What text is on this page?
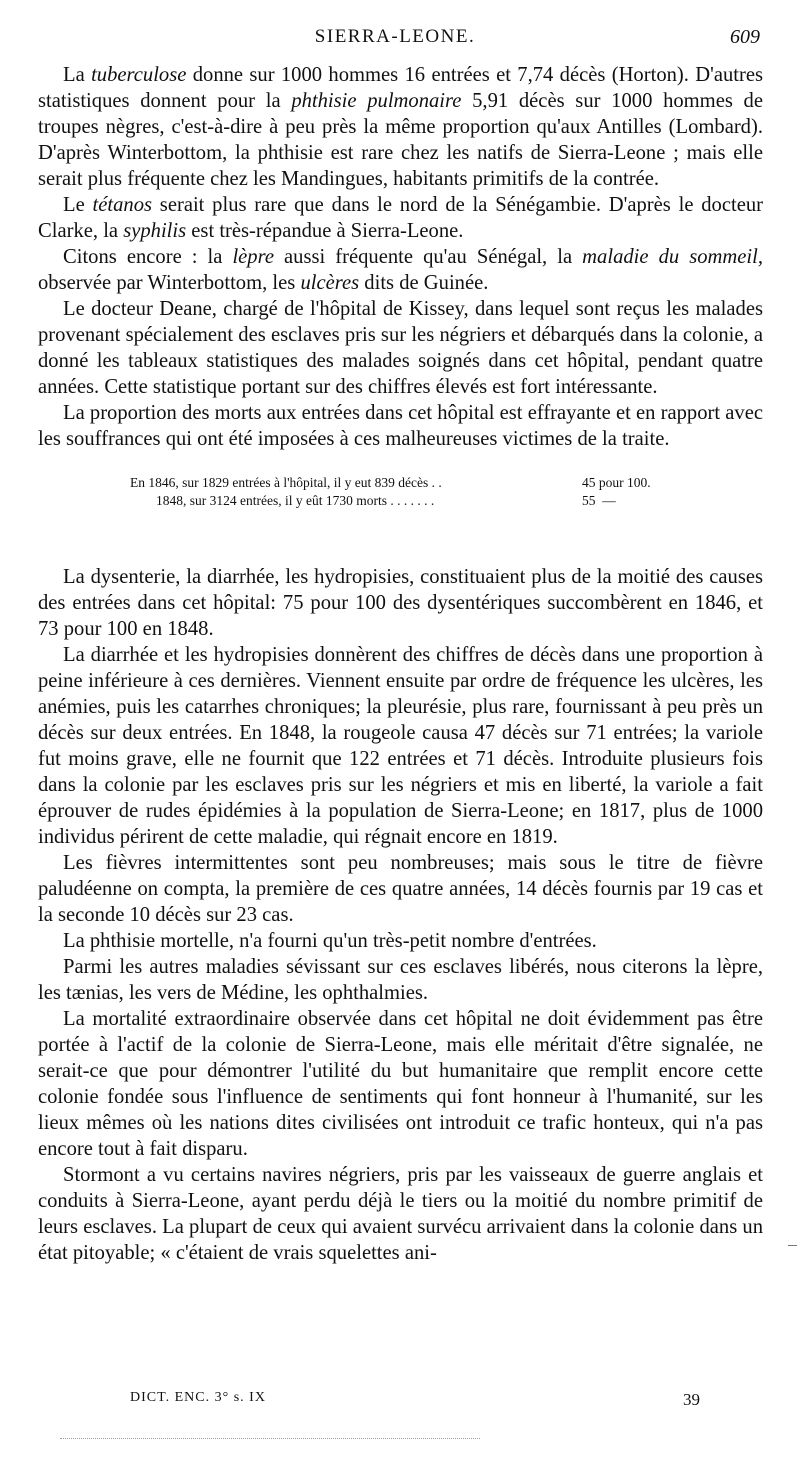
SIERRA-LEONE.	609

La tuberculose donne sur 1000 hommes 16 entrées et 7,74 décès (Horton). D'autres statistiques donnent pour la phthisie pulmonaire 5,91 décès sur 1000 hommes de troupes nègres, c'est-à-dire à peu près la même proportion qu'aux Antilles (Lombard). D'après Winterbottom, la phthisie est rare chez les natifs de Sierra-Leone ; mais elle serait plus fréquente chez les Mandingues, habitants primitifs de la contrée.

Le tétanos serait plus rare que dans le nord de la Sénégambie. D'après le docteur Clarke, la syphilis est très-répandue à Sierra-Leone.

Citons encore : la lèpre aussi fréquente qu'au Sénégal, la maladie du sommeil, observée par Winterbottom, les ulcères dits de Guinée.

Le docteur Deane, chargé de l'hôpital de Kissey, dans lequel sont reçus les malades provenant spécialement des esclaves pris sur les négriers et débarqués dans la colonie, a donné les tableaux statistiques des malades soignés dans cet hôpital, pendant quatre années. Cette statistique portant sur des chiffres élevés est fort intéressante.

La proportion des morts aux entrées dans cet hôpital est effrayante et en rapport avec les souffrances qui ont été imposées à ces malheureuses victimes de la traite.

En 1846, sur 1829 entrées à l'hôpital, il y eut 839 décès . .	45 pour 100.
1848, sur 3124 entrées, il y eût 1730 morts . . . . . . .	55  —

La dysenterie, la diarrhée, les hydropisies, constituaient plus de la moitié des causes des entrées dans cet hôpital: 75 pour 100 des dysentériques succombèrent en 1846, et 73 pour 100 en 1848.

La diarrhée et les hydropisies donnèrent des chiffres de décès dans une proportion à peine inférieure à ces dernières. Viennent ensuite par ordre de fréquence les ulcères, les anémies, puis les catarrhes chroniques; la pleurésie, plus rare, fournissant à peu près un décès sur deux entrées. En 1848, la rougeole causa 47 décès sur 71 entrées; la variole fut moins grave, elle ne fournit que 122 entrées et 71 décès. Introduite plusieurs fois dans la colonie par les esclaves pris sur les négriers et mis en liberté, la variole a fait éprouver de rudes épidémies à la population de Sierra-Leone; en 1817, plus de 1000 individus périrent de cette maladie, qui régnait encore en 1819.

Les fièvres intermittentes sont peu nombreuses; mais sous le titre de fièvre paludéenne on compta, la première de ces quatre années, 14 décès fournis par 19 cas et la seconde 10 décès sur 23 cas.

La phthisie mortelle, n'a fourni qu'un très-petit nombre d'entrées.

Parmi les autres maladies sévissant sur ces esclaves libérés, nous citerons la lèpre, les tænias, les vers de Médine, les ophthalmies.

La mortalité extraordinaire observée dans cet hôpital ne doit évidemment pas être portée à l'actif de la colonie de Sierra-Leone, mais elle méritait d'être signalée, ne serait-ce que pour démontrer l'utilité du but humanitaire que remplit encore cette colonie fondée sous l'influence de sentiments qui font honneur à l'humanité, sur les lieux mêmes où les nations dites civilisées ont introduit ce trafic honteux, qui n'a pas encore tout à fait disparu.

Stormont a vu certains navires négriers, pris par les vaisseaux de guerre anglais et conduits à Sierra-Leone, ayant perdu déjà le tiers ou la moitié du nombre primitif de leurs esclaves. La plupart de ceux qui avaient survécu arrivaient dans la colonie dans un état pitoyable; « c'étaient de vrais squelettes ani-

DICT. ENC. 3° s. IX	39
